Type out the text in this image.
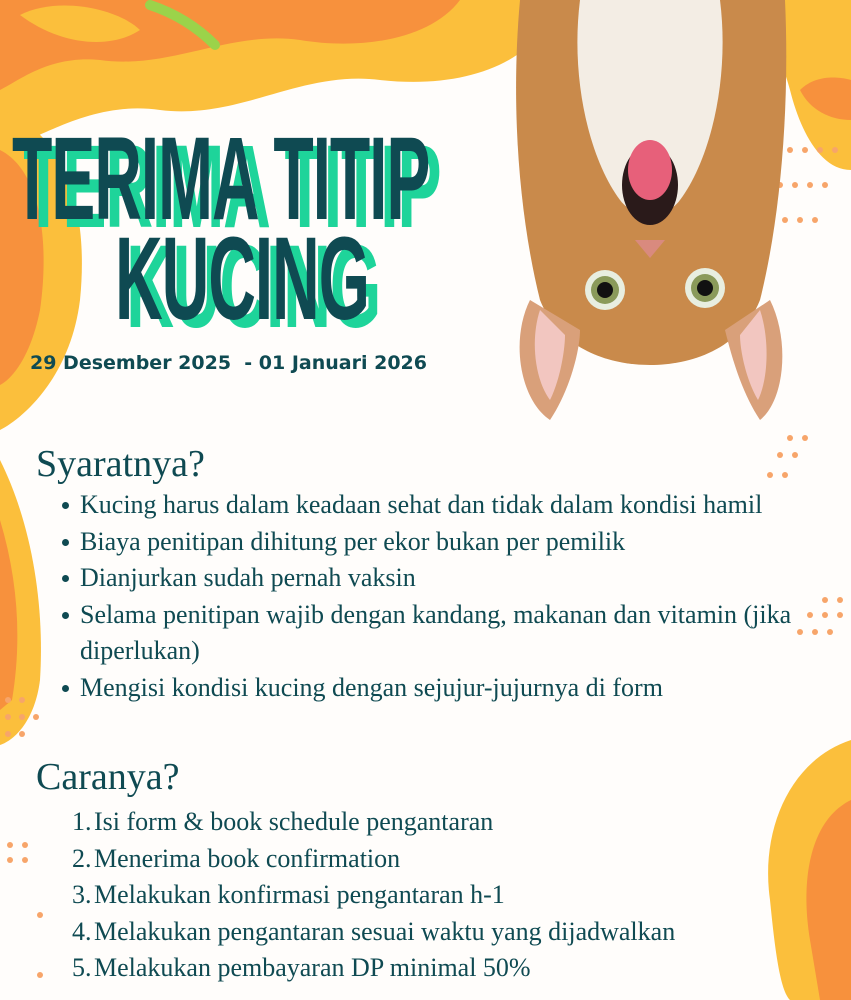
TERIMA TITIP
KUCING
29 Desember 2025  - 01 Januari 2026
Syaratnya?
Kucing harus dalam keadaan sehat dan tidak dalam kondisi hamil
Biaya penitipan dihitung per ekor bukan per pemilik
Dianjurkan sudah pernah vaksin
Selama penitipan wajib dengan kandang, makanan dan vitamin (jika diperlukan)
Mengisi kondisi kucing dengan sejujur-jujurnya di form
Caranya?
1.Isi form & book schedule pengantaran
2.Menerima book confirmation
3.Melakukan konfirmasi pengantaran h-1
4.Melakukan pengantaran sesuai waktu yang dijadwalkan
5.Melakukan pembayaran DP minimal 50%
